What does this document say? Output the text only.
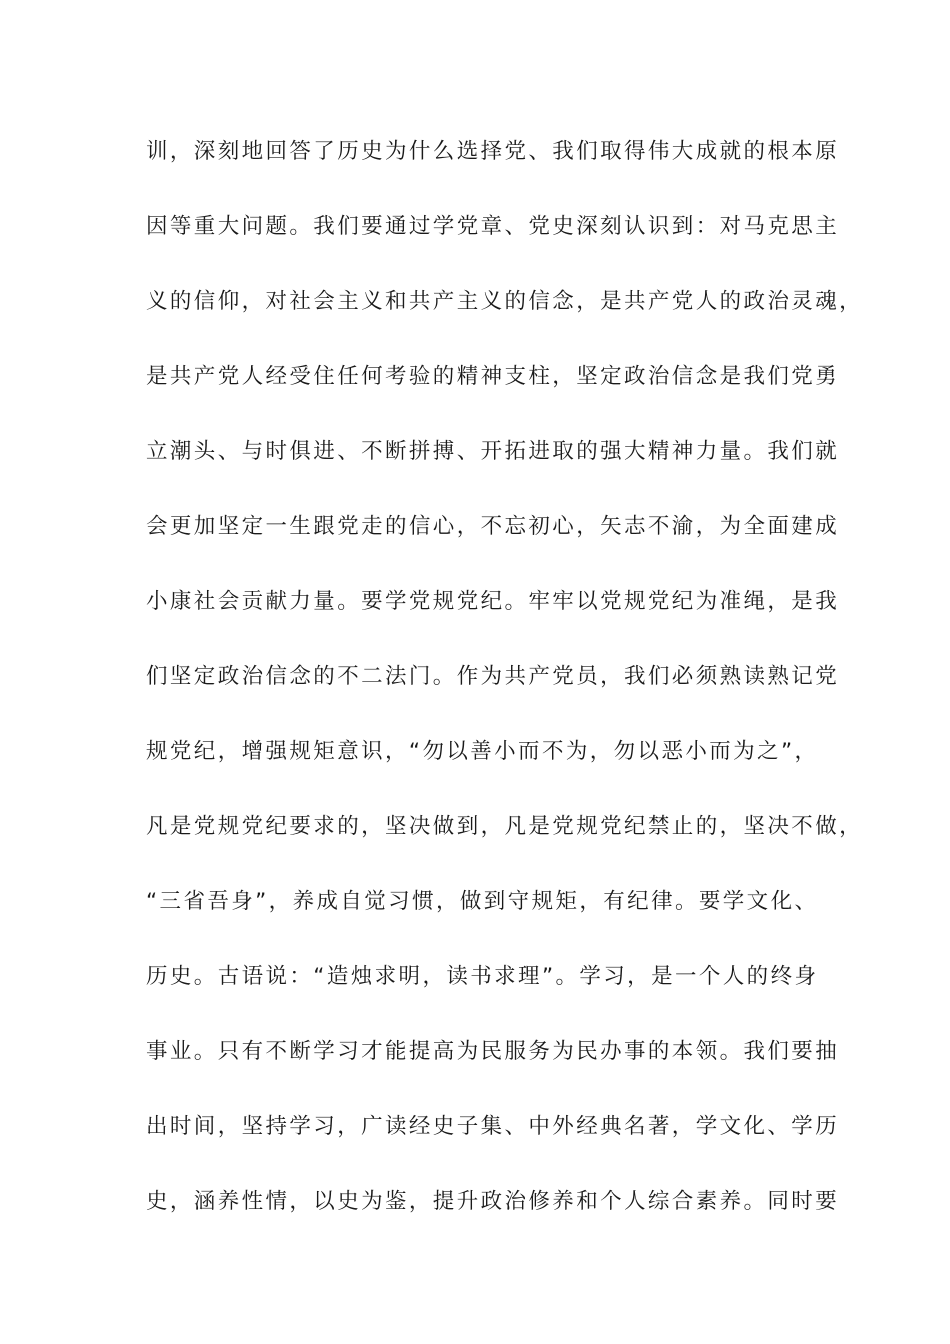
训，深刻地回答了历史为什么选择党、我们取得伟大成就的根本原
因等重大问题。我们要通过学党章、党史深刻认识到：对马克思主
义的信仰，对社会主义和共产主义的信念，是共产党人的政治灵魂，
是共产党人经受住任何考验的精神支柱，坚定政治信念是我们党勇
立潮头、与时俱进、不断拼搏、开拓进取的强大精神力量。我们就
会更加坚定一生跟党走的信心，不忘初心，矢志不渝，为全面建成
小康社会贡献力量。要学党规党纪。牢牢以党规党纪为准绳，是我
们坚定政治信念的不二法门。作为共产党员，我们必须熟读熟记党
规党纪，增强规矩意识，“勿以善小而不为，勿以恶小而为之”，
凡是党规党纪要求的，坚决做到，凡是党规党纪禁止的，坚决不做，
“三省吾身”，养成自觉习惯，做到守规矩，有纪律。要学文化、
历史。古语说：“造烛求明，读书求理”。学习，是一个人的终身
事业。只有不断学习才能提高为民服务为民办事的本领。我们要抽
出时间，坚持学习，广读经史子集、中外经典名著，学文化、学历
史，涵养性情，以史为鉴，提升政治修养和个人综合素养。同时要
